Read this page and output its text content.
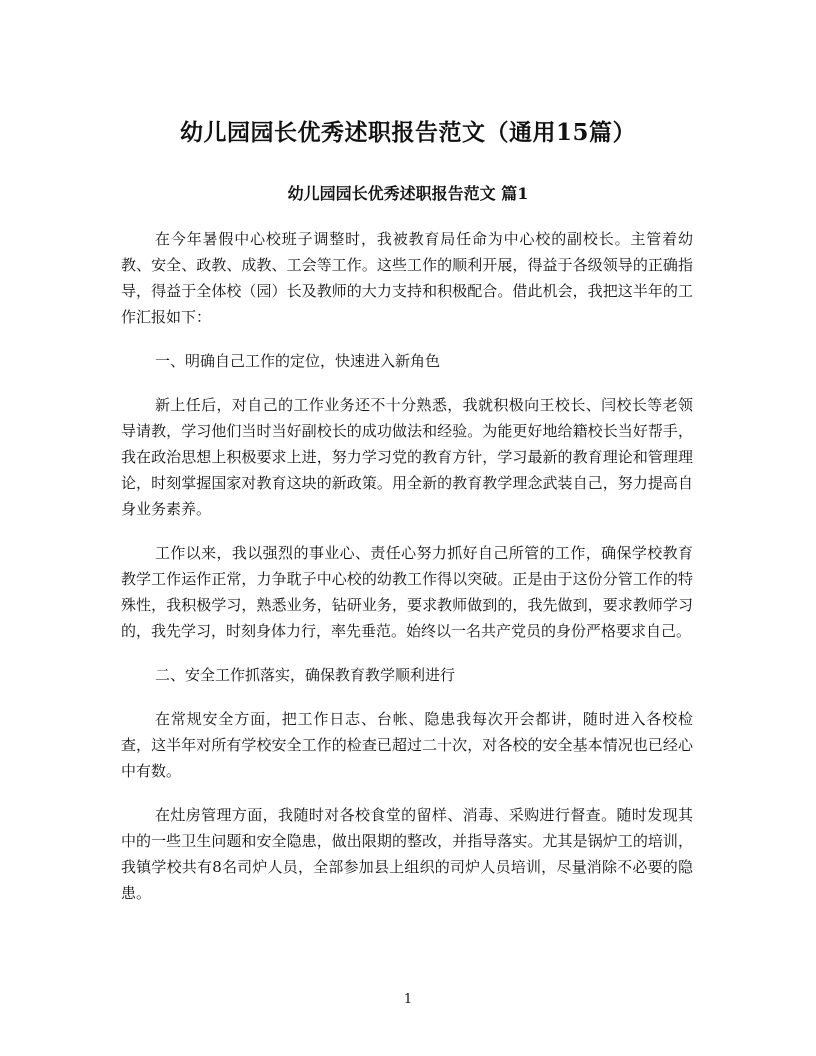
幼儿园园长优秀述职报告范文（通用15篇）
幼儿园园长优秀述职报告范文 篇1

在今年暑假中心校班子调整时，我被教育局任命为中心校的副校长。主管着幼教、安全、政教、成教、工会等工作。这些工作的顺利开展，得益于各级领导的正确指导，得益于全体校（园）长及教师的大力支持和积极配合。借此机会，我把这半年的工作汇报如下：

一、明确自己工作的定位，快速进入新角色

新上任后，对自己的工作业务还不十分熟悉，我就积极向王校长、闫校长等老领导请教，学习他们当时当好副校长的成功做法和经验。为能更好地给籍校长当好帮手，我在政治思想上积极要求上进，努力学习党的教育方针，学习最新的教育理论和管理理论，时刻掌握国家对教育这块的新政策。用全新的教育教学理念武装自己，努力提高自身业务素养。

工作以来，我以强烈的事业心、责任心努力抓好自己所管的工作，确保学校教育教学工作运作正常，力争耽子中心校的幼教工作得以突破。正是由于这份分管工作的特殊性，我积极学习，熟悉业务，钻研业务，要求教师做到的，我先做到，要求教师学习的，我先学习，时刻身体力行，率先垂范。始终以一名共产党员的身份严格要求自己。

二、安全工作抓落实，确保教育教学顺利进行

在常规安全方面，把工作日志、台帐、隐患我每次开会都讲，随时进入各校检查，这半年对所有学校安全工作的检查已超过二十次，对各校的安全基本情况也已经心中有数。

在灶房管理方面，我随时对各校食堂的留样、消毒、采购进行督查。随时发现其中的一些卫生问题和安全隐患，做出限期的整改，并指导落实。尤其是锅炉工的培训，我镇学校共有8名司炉人员，全部参加县上组织的司炉人员培训，尽量消除不必要的隐患。

1
